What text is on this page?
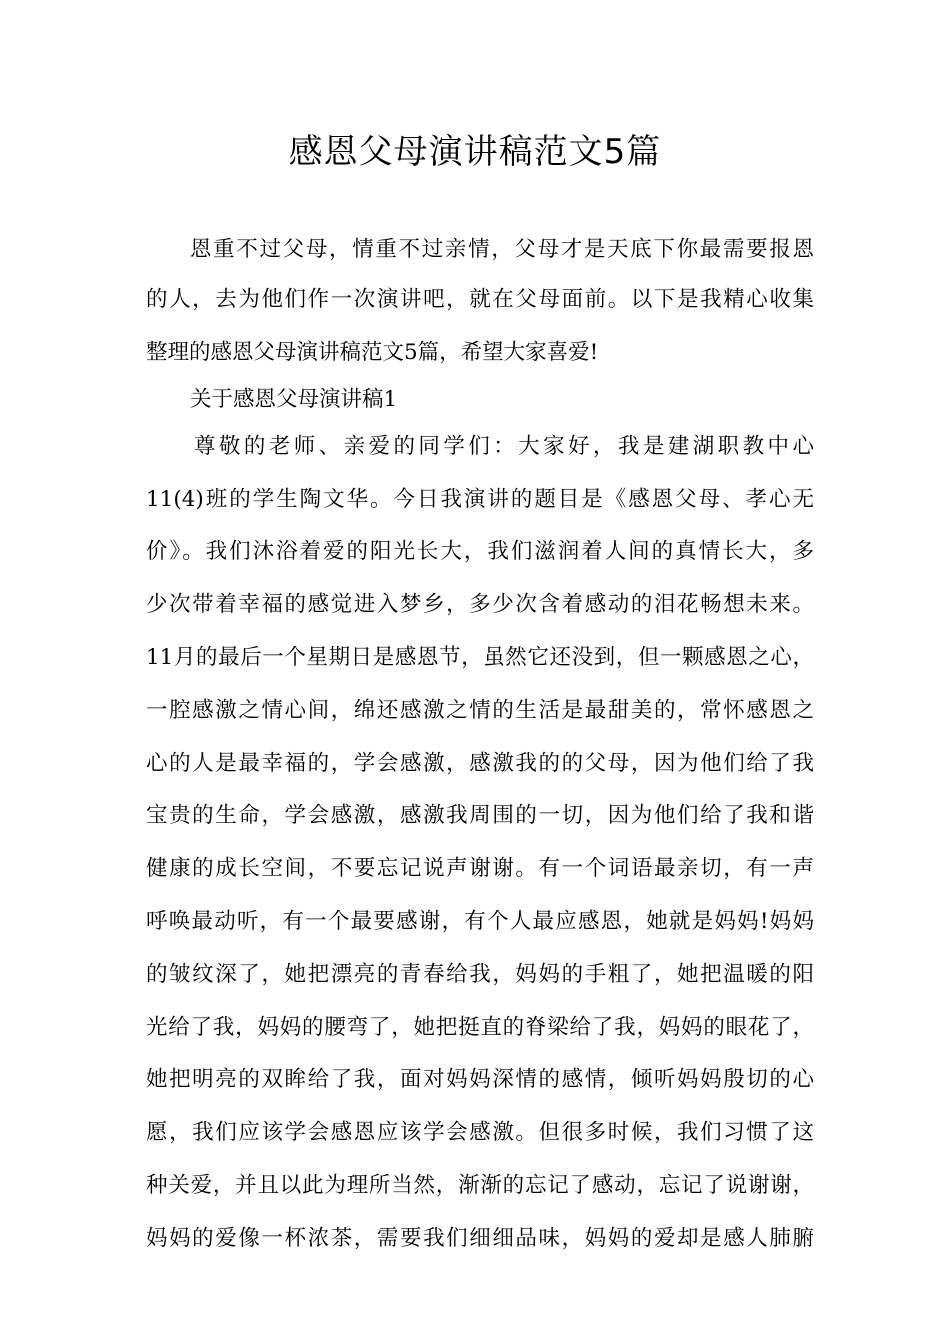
感恩父母演讲稿范文5篇
恩重不过父母，情重不过亲情，父母才是天底下你最需要报恩
的人，去为他们作一次演讲吧，就在父母面前。以下是我精心收集
整理的感恩父母演讲稿范文5篇，希望大家喜爱!
关于感恩父母演讲稿1
尊敬的老师、亲爱的同学们：大家好，我是建湖职教中心
11(4)班的学生陶文华。今日我演讲的题目是《感恩父母、孝心无
价》。我们沐浴着爱的阳光长大，我们滋润着人间的真情长大，多
少次带着幸福的感觉进入梦乡，多少次含着感动的泪花畅想未来。
11月的最后一个星期日是感恩节，虽然它还没到，但一颗感恩之心，
一腔感激之情心间，绵还感激之情的生活是最甜美的，常怀感恩之
心的人是最幸福的，学会感激，感激我的的父母，因为他们给了我
宝贵的生命，学会感激，感激我周围的一切，因为他们给了我和谐
健康的成长空间，不要忘记说声谢谢。有一个词语最亲切，有一声
呼唤最动听，有一个最要感谢，有个人最应感恩，她就是妈妈!妈妈
的皱纹深了，她把漂亮的青春给我，妈妈的手粗了，她把温暖的阳
光给了我，妈妈的腰弯了，她把挺直的脊梁给了我，妈妈的眼花了，
她把明亮的双眸给了我，面对妈妈深情的感情，倾听妈妈殷切的心
愿，我们应该学会感恩应该学会感激。但很多时候，我们习惯了这
种关爱，并且以此为理所当然，渐渐的忘记了感动，忘记了说谢谢，
妈妈的爱像一杯浓茶，需要我们细细品味，妈妈的爱却是感人肺腑
